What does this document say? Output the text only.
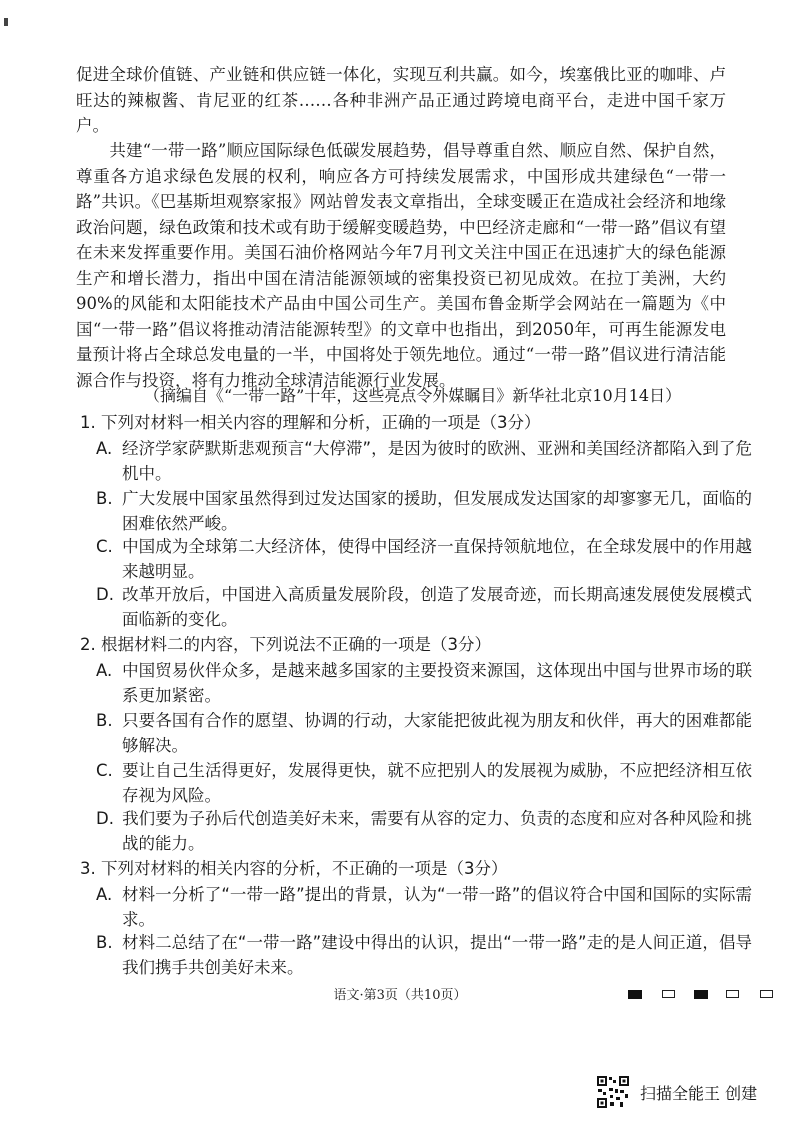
促进全球价值链、产业链和供应链一体化，实现互利共赢。如今，埃塞俄比亚的咖啡、卢旺达的辣椒酱、肯尼亚的红茶……各种非洲产品正通过跨境电商平台，走进中国千家万户。

　　共建“一带一路”顺应国际绿色低碳发展趋势，倡导尊重自然、顺应自然、保护自然，尊重各方追求绿色发展的权利，响应各方可持续发展需求，中国形成共建绿色“一带一路”共识。《巴基斯坦观察家报》网站曾发表文章指出，全球变暖正在造成社会经济和地缘政治问题，绿色政策和技术或有助于缓解变暖趋势，中巴经济走廊和“一带一路”倡议有望在未来发挥重要作用。美国石油价格网站今年7月刊文关注中国正在迅速扩大的绿色能源生产和增长潜力，指出中国在清洁能源领域的密集投资已初见成效。在拉丁美洲，大约90%的风能和太阳能技术产品由中国公司生产。美国布鲁金斯学会网站在一篇题为《中国“一带一路”倡议将推动清洁能源转型》的文章中也指出，到2050年，可再生能源发电量预计将占全球总发电量的一半，中国将处于领先地位。通过“一带一路”倡议进行清洁能源合作与投资，将有力推动全球清洁能源行业发展。

（摘编自《“一带一路”十年，这些亮点令外媒瞩目》新华社北京10月14日）

1. 下列对材料一相关内容的理解和分析，正确的一项是（3分）

A. 经济学家萨默斯悲观预言“大停滞”，是因为彼时的欧洲、亚洲和美国经济都陷入到了危机中。

B. 广大发展中国家虽然得到过发达国家的援助，但发展成发达国家的却寥寥无几，面临的困难依然严峻。

C. 中国成为全球第二大经济体，使得中国经济一直保持领航地位，在全球发展中的作用越来越明显。

D. 改革开放后，中国进入高质量发展阶段，创造了发展奇迹，而长期高速发展使发展模式面临新的变化。

2. 根据材料二的内容，下列说法不正确的一项是（3分）

A. 中国贸易伙伴众多，是越来越多国家的主要投资来源国，这体现出中国与世界市场的联系更加紧密。

B. 只要各国有合作的愿望、协调的行动，大家能把彼此视为朋友和伙伴，再大的困难都能够解决。

C. 要让自己生活得更好，发展得更快，就不应把别人的发展视为威胁，不应把经济相互依存视为风险。

D. 我们要为子孙后代创造美好未来，需要有从容的定力、负责的态度和应对各种风险和挑战的能力。

3. 下列对材料的相关内容的分析，不正确的一项是（3分）

A. 材料一分析了“一带一路”提出的背景，认为“一带一路”的倡议符合中国和国际的实际需求。

B. 材料二总结了在“一带一路”建设中得出的认识，提出“一带一路”走的是人间正道，倡导我们携手共创美好未来。

语文·第3页（共10页）
扫描全能王 创建
